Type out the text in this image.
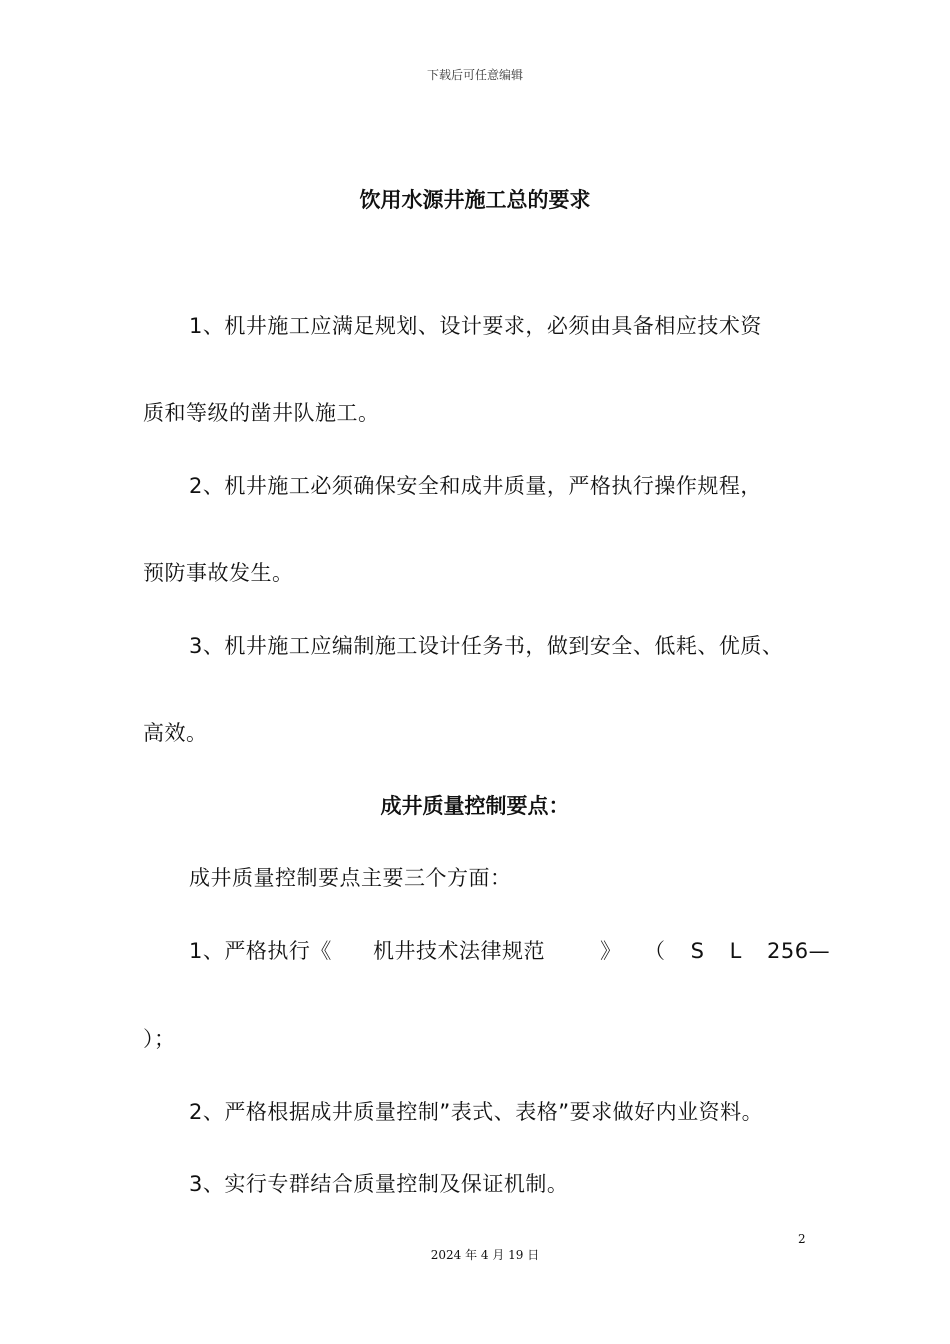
下载后可任意编辑
饮用水源井施工总的要求
1、机井施工应满足规划、设计要求，必须由具备相应技术资
质和等级的凿井队施工。
2、机井施工必须确保安全和成井质量，严格执行操作规程，
预防事故发生。
3、机井施工应编制施工设计任务书，做到安全、低耗、优质、
高效。
成井质量控制要点：
成井质量控制要点主要三个方面：
1、严格执行《 机井技术法律规范	》 （ S L 256—
）；
2、严格根据成井质量控制”表式、表格”要求做好内业资料。
3、实行专群结合质量控制及保证机制。
2
2024 年 4 月 19 日
